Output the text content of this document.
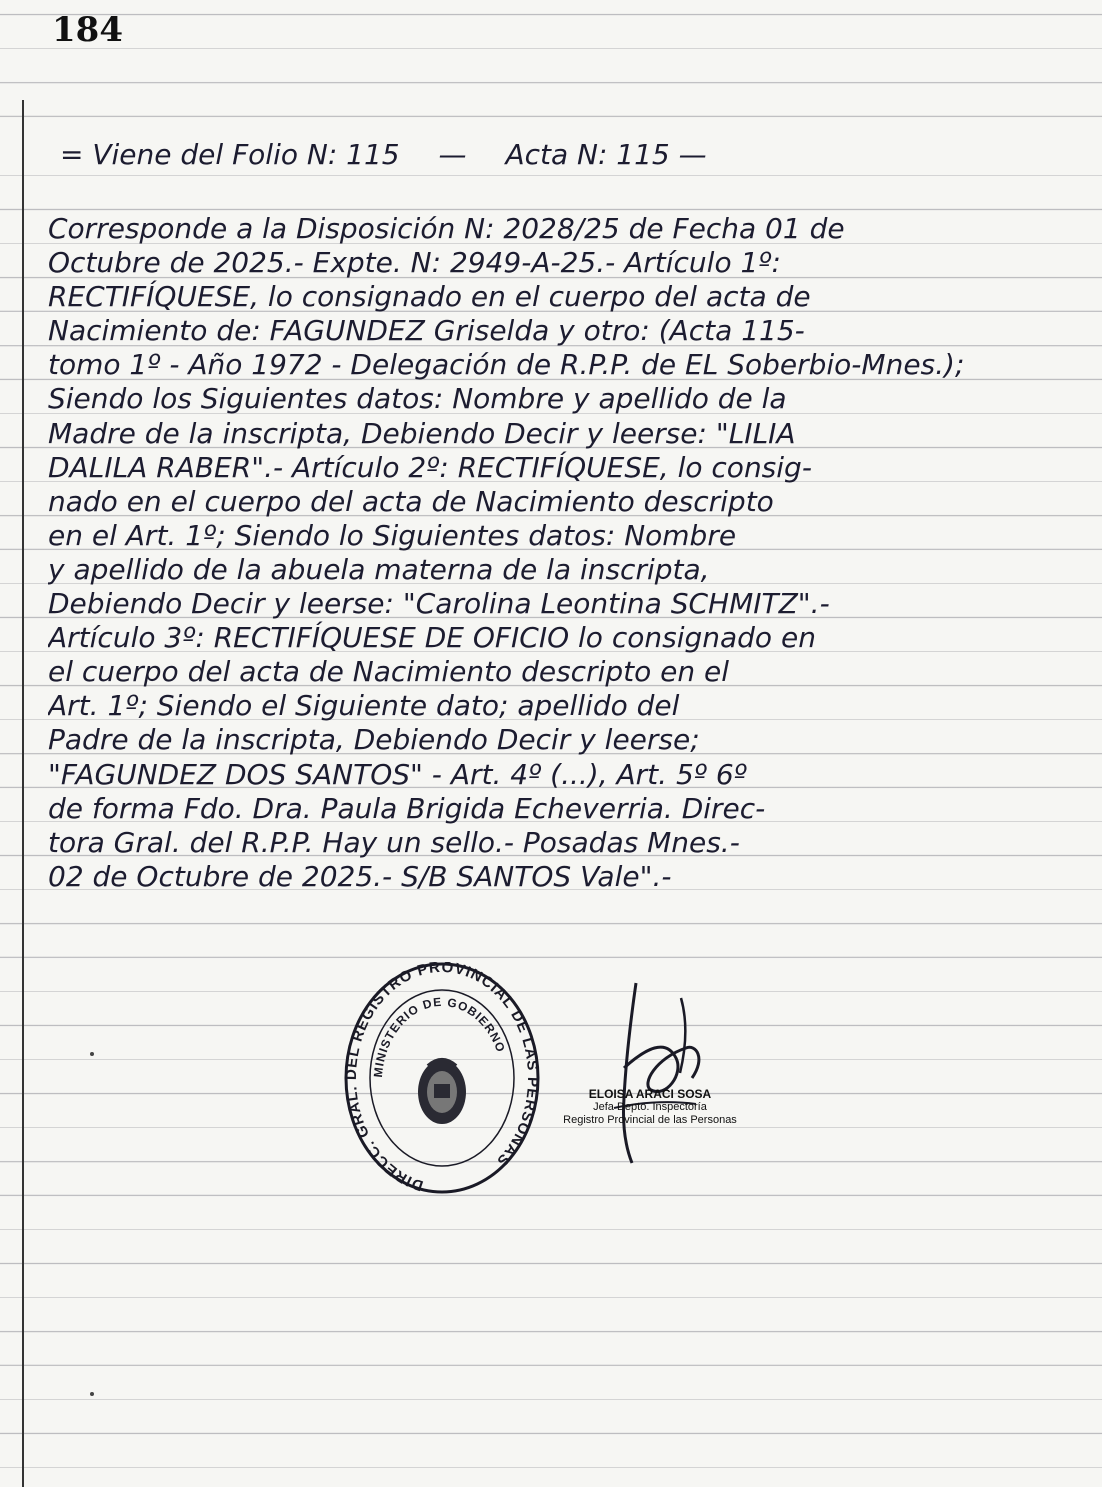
184
= Viene del Folio N: 115 — Acta N: 115 —
Corresponde a la Disposición N: 2028/25 de Fecha 01 de
Octubre de 2025.- Expte. N: 2949-A-25.- Artículo 1º:
RECTIFÍQUESE, lo consignado en el cuerpo del acta de
Nacimiento de: FAGUNDEZ Griselda y otro: (Acta 115-
tomo 1º - Año 1972 - Delegación de R.P.P. de EL Soberbio-Mnes.);
Siendo los Siguientes datos: Nombre y apellido de la
Madre de la inscripta, Debiendo Decir y leerse: "LILIA
DALILA RABER".- Artículo 2º: RECTIFÍQUESE, lo consig-
nado en el cuerpo del acta de Nacimiento descripto
en el Art. 1º; Siendo lo Siguientes datos: Nombre
y apellido de la abuela materna de la inscripta,
Debiendo Decir y leerse: "Carolina Leontina SCHMITZ".-
Artículo 3º: RECTIFÍQUESE DE OFICIO lo consignado en
el cuerpo del acta de Nacimiento descripto en el
Art. 1º; Siendo el Siguiente dato; apellido del
Padre de la inscripta, Debiendo Decir y leerse;
"FAGUNDEZ DOS SANTOS" - Art. 4º (...), Art. 5º 6º
de forma Fdo. Dra. Paula Brigida Echeverria. Direc-
tora Gral. del R.P.P. Hay un sello.- Posadas Mnes.-
02 de Octubre de 2025.- S/B SANTOS Vale".-
DIRECC. GRAL. DEL REGISTRO PROVINCIAL DE LAS PERSONAS
MINISTERIO DE GOBIERNO
ELOISA ARACI SOSA
Jefa Depto. Inspectoría
Registro Provincial de las Personas
